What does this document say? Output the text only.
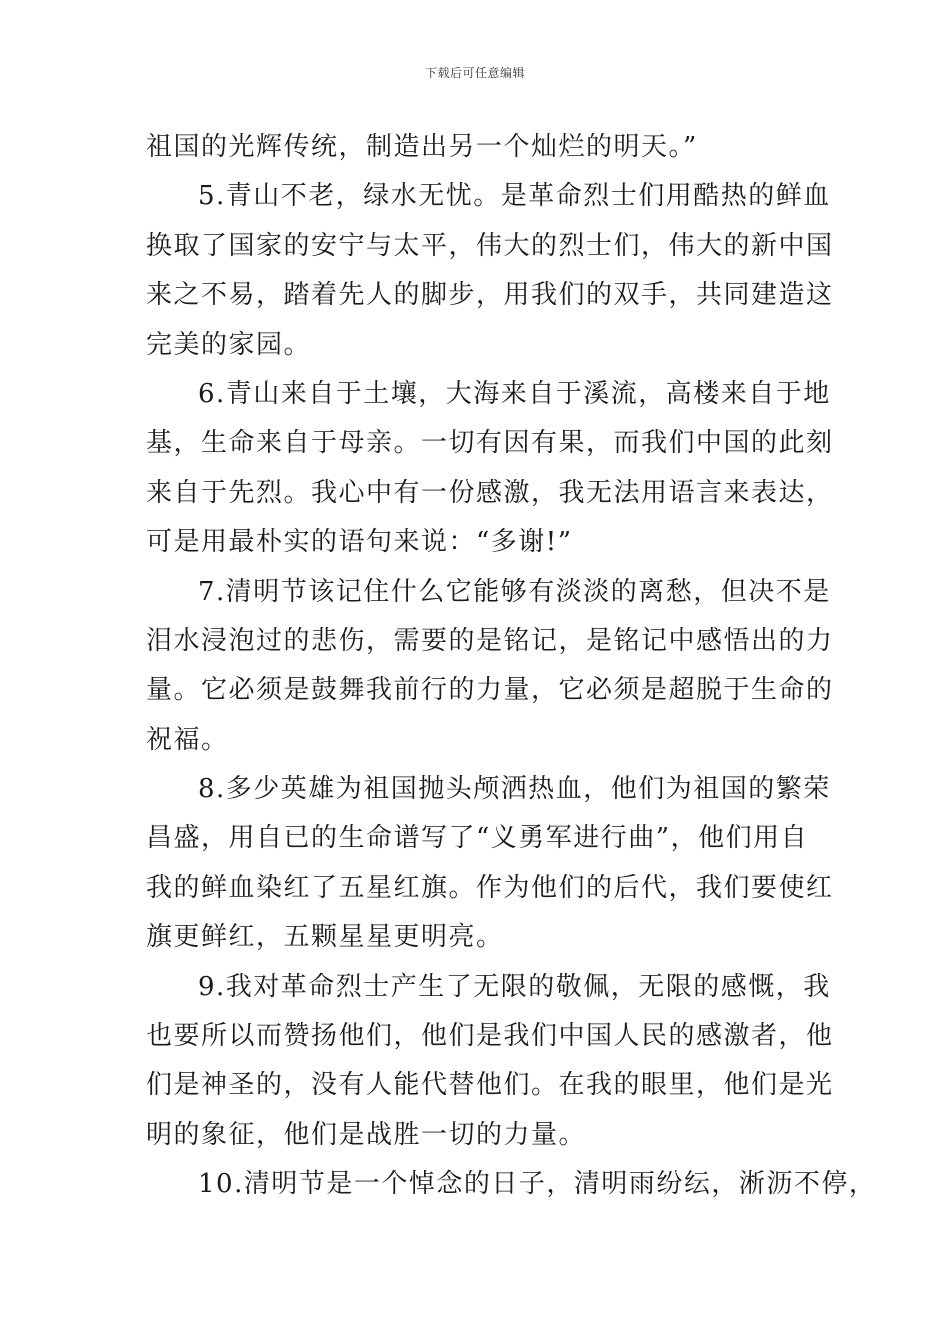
下载后可任意编辑
祖国的光辉传统，制造出另一个灿烂的明天。”
5.青山不老，绿水无忧。是革命烈士们用酷热的鲜血
换取了国家的安宁与太平，伟大的烈士们，伟大的新中国
来之不易，踏着先人的脚步，用我们的双手，共同建造这
完美的家园。
6.青山来自于土壤，大海来自于溪流，高楼来自于地
基，生命来自于母亲。一切有因有果，而我们中国的此刻
来自于先烈。我心中有一份感激，我无法用语言来表达，
可是用最朴实的语句来说：“多谢!”
7.清明节该记住什么它能够有淡淡的离愁，但决不是
泪水浸泡过的悲伤，需要的是铭记，是铭记中感悟出的力
量。它必须是鼓舞我前行的力量，它必须是超脱于生命的
祝福。
8.多少英雄为祖国抛头颅洒热血，他们为祖国的繁荣
昌盛，用自已的生命谱写了“义勇军进行曲”，他们用自
我的鲜血染红了五星红旗。作为他们的后代，我们要使红
旗更鲜红，五颗星星更明亮。
9.我对革命烈士产生了无限的敬佩，无限的感慨，我
也要所以而赞扬他们，他们是我们中国人民的感激者，他
们是神圣的，没有人能代替他们。在我的眼里，他们是光
明的象征，他们是战胜一切的力量。
10.清明节是一个悼念的日子，清明雨纷纭，淅沥不停，
